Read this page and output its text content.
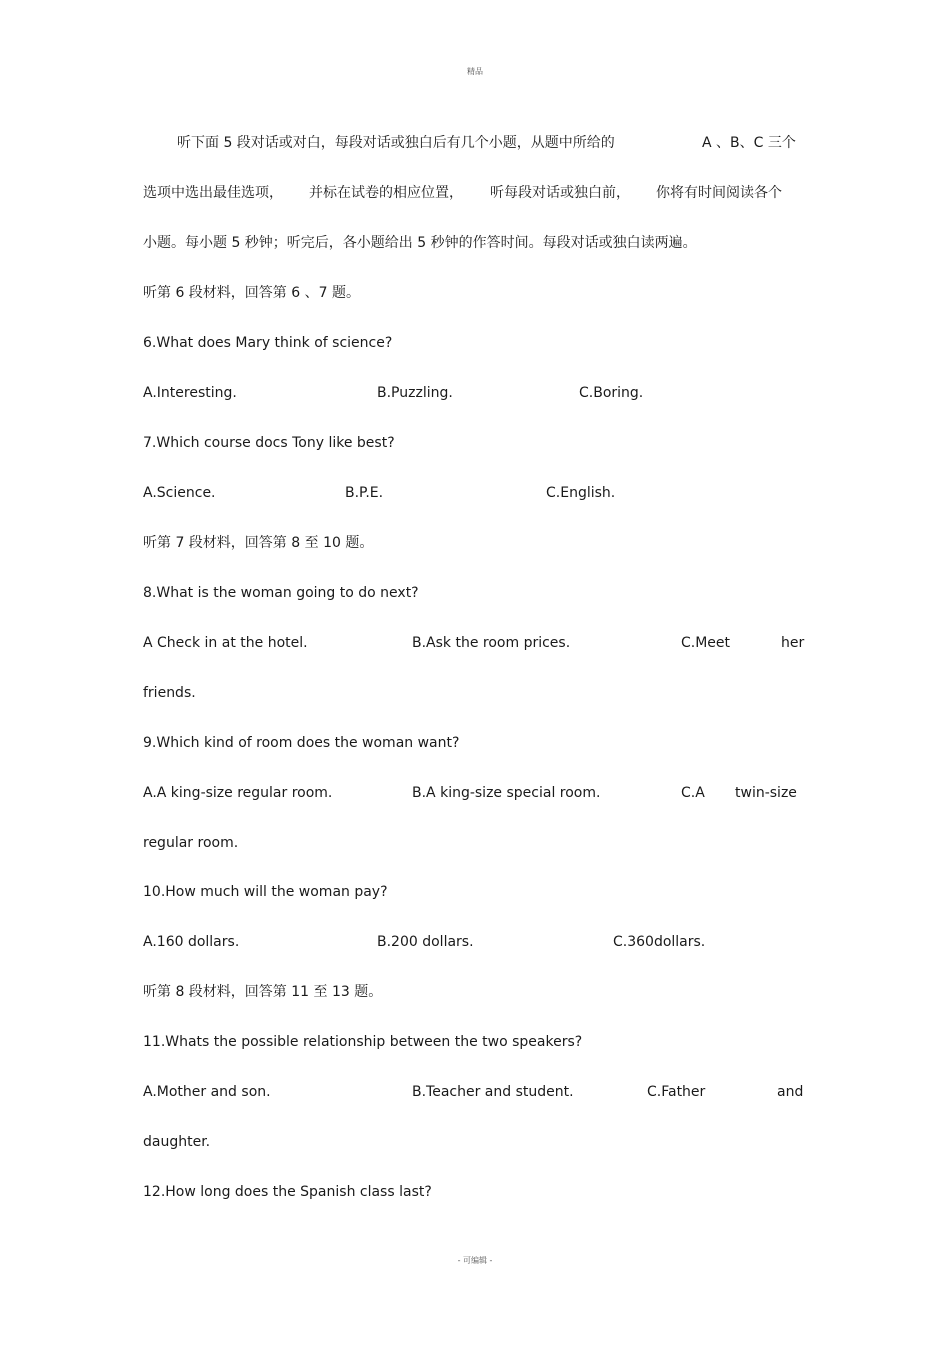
精品
听下面 5 段对话或对白，每段对话或独白后有几个小题，从题中所给的	A 、B、C 三个
选项中选出最佳选项， 并标在试卷的相应位置， 听每段对话或独白前， 你将有时间阅读各个
小题。每小题 5 秒钟；听完后，各小题给出 5 秒钟的作答时间。每段对话或独白读两遍。
听第 6 段材料，回答第 6 、7 题。
6.What does Mary think of science?
A.Interesting.	B.Puzzling.	C.Boring.
7.Which course docs Tony like best?
A.Science.	B.P.E.	C.English.
听第 7 段材料，回答第 8 至 10 题。
8.What is the woman going to do next?
A Check in at the hotel.	B.Ask the room prices.	C.Meet	her
friends.
9.Which kind of room does the woman want?
A.A king-size regular room.	B.A king-size special room.	C.A twin-size
regular room.
10.How much will the woman pay?
A.160 dollars.	B.200 dollars.	C.360dollars.
听第 8 段材料，回答第 11 至 13 题。
11.Whats the possible relationship between the two speakers?
A.Mother and son.	B.Teacher and student.	C.Father	and
daughter.
12.How long does the Spanish class last?
- 可编辑 -
